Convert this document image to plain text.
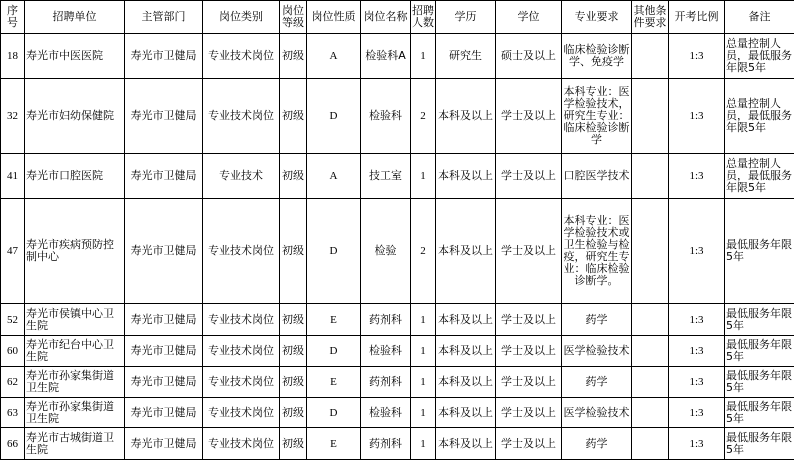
序号	招聘单位	主管部门	岗位类别	岗位等级	岗位性质	岗位名称	招聘人数	学历	学位	专业要求	其他条件要求	开考比例	备注
18	寿光市中医医院	寿光市卫健局	专业技术岗位	初级	A	检验科A	1	研究生	硕士及以上	临床检验诊断学、免疫学		1:3	总量控制人员，最低服务年限5年
32	寿光市妇幼保健院	寿光市卫健局	专业技术岗位	初级	D	检验科	2	本科及以上	学士及以上	本科专业：医学检验技术，研究生专业：临床检验诊断学		1:3	总量控制人员，最低服务年限5年
41	寿光市口腔医院	寿光市卫健局	专业技术	初级	A	技工室	1	本科及以上	学士及以上	口腔医学技术		1:3	总量控制人员，最低服务年限5年
47	寿光市疾病预防控制中心	寿光市卫健局	专业技术岗位	初级	D	检验	2	本科及以上	学士及以上	本科专业：医学检验技术或卫生检验与检疫，研究生专业：临床检验诊断学。		1:3	最低服务年限5年
52	寿光市侯镇中心卫生院	寿光市卫健局	专业技术岗位	初级	E	药剂科	1	本科及以上	学士及以上	药学		1:3	最低服务年限5年
60	寿光市纪台中心卫生院	寿光市卫健局	专业技术岗位	初级	D	检验科	1	本科及以上	学士及以上	医学检验技术		1:3	最低服务年限5年
62	寿光市孙家集街道卫生院	寿光市卫健局	专业技术岗位	初级	E	药剂科	1	本科及以上	学士及以上	药学		1:3	最低服务年限5年
63	寿光市孙家集街道卫生院	寿光市卫健局	专业技术岗位	初级	D	检验科	1	本科及以上	学士及以上	医学检验技术		1:3	最低服务年限5年
66	寿光市古城街道卫生院	寿光市卫健局	专业技术岗位	初级	E	药剂科	1	本科及以上	学士及以上	药学		1:3	最低服务年限5年
